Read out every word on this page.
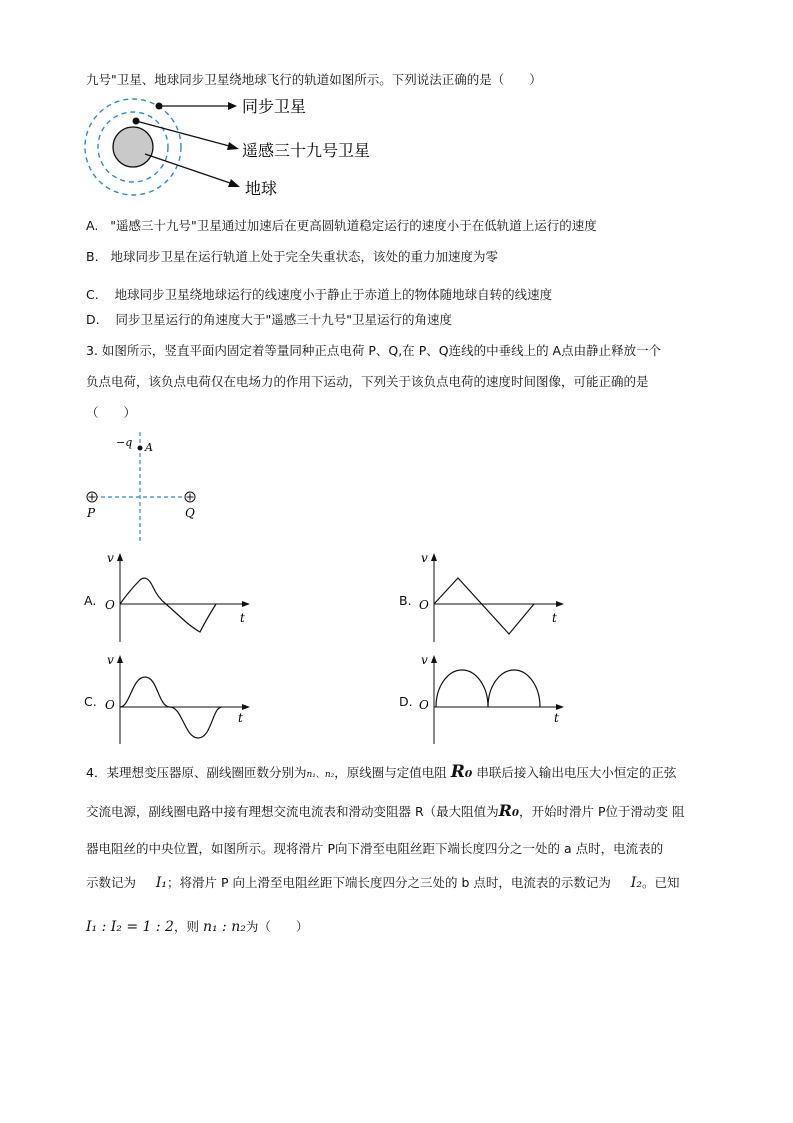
九号"卫星、地球同步卫星绕地球飞行的轨道如图所示。下列说法正确的是（　　）
同步卫星
遥感三十九号卫星
地球
A. "遥感三十九号"卫星通过加速后在更高圆轨道稳定运行的速度小于在低轨道上运行的速度
B. 地球同步卫星在运行轨道上处于完全失重状态，该处的重力加速度为零
C. 地球同步卫星绕地球运行的线速度小于静止于赤道上的物体随地球自转的线速度
D. 同步卫星运行的角速度大于"遥感三十九号"卫星运行的角速度
3. 如图所示，竖直平面内固定着等量同种正点电荷 P、Q,在 P、Q连线的中垂线上的 A点由静止释放一个
负点电荷，该负点电荷仅在电场力的作用下运动，下列关于该负点电荷的速度时间图像，可能正确的是
（　　）
−q A
P	Q
A.
v
t
O	B.
v
t
O
C.
v
t
O	D.
v
t
O
4．某理想变压器原、副线圈匝数分别为n₁、n₂，原线圈与定值电阻 R₀ 串联后接入输出电压大小恒定的正弦
交流电源，副线圈电路中接有理想交流电流表和滑动变阻器 R（最大阻值为R₀，开始时滑片 P位于滑动变 阻
器电阻丝的中央位置，如图所示。现将滑片 P向下滑至电阻丝距下端长度四分之一处的 a 点时，电流表的
示数记为 I₁；将滑片 P 向上滑至电阻丝距下端长度四分之三处的 b 点时，电流表的示数记为 I₂。已知
I₁ : I₂ = 1 : 2，则 n₁ : n₂为（　　）
